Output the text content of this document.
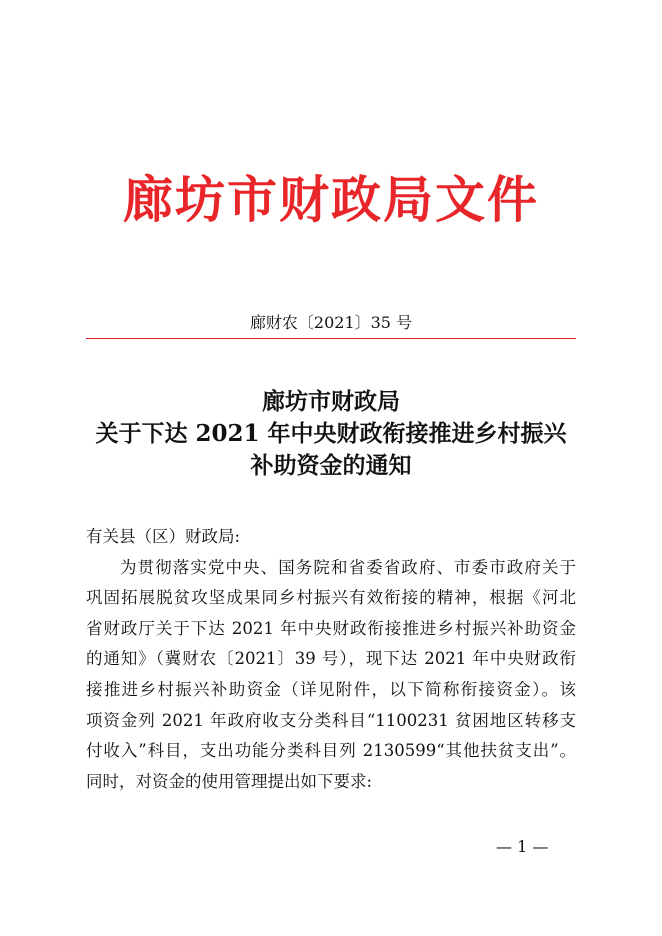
廊坊市财政局文件
廊财农〔2021〕35 号
廊坊市财政局
关于下达 2021 年中央财政衔接推进乡村振兴
补助资金的通知
有关县（区）财政局:
为贯彻落实党中央、国务院和省委省政府、市委市政府关于
巩固拓展脱贫攻坚成果同乡村振兴有效衔接的精神，根据《河北
省财政厅关于下达 2021 年中央财政衔接推进乡村振兴补助资金
的通知》（冀财农〔2021〕39 号），现下达 2021 年中央财政衔
接推进乡村振兴补助资金（详见附件，以下简称衔接资金）。该
项资金列 2021 年政府收支分类科目“1100231 贫困地区转移支
付收入”科目，支出功能分类科目列 2130599“其他扶贫支出”。
同时，对资金的使用管理提出如下要求:
— 1 —
